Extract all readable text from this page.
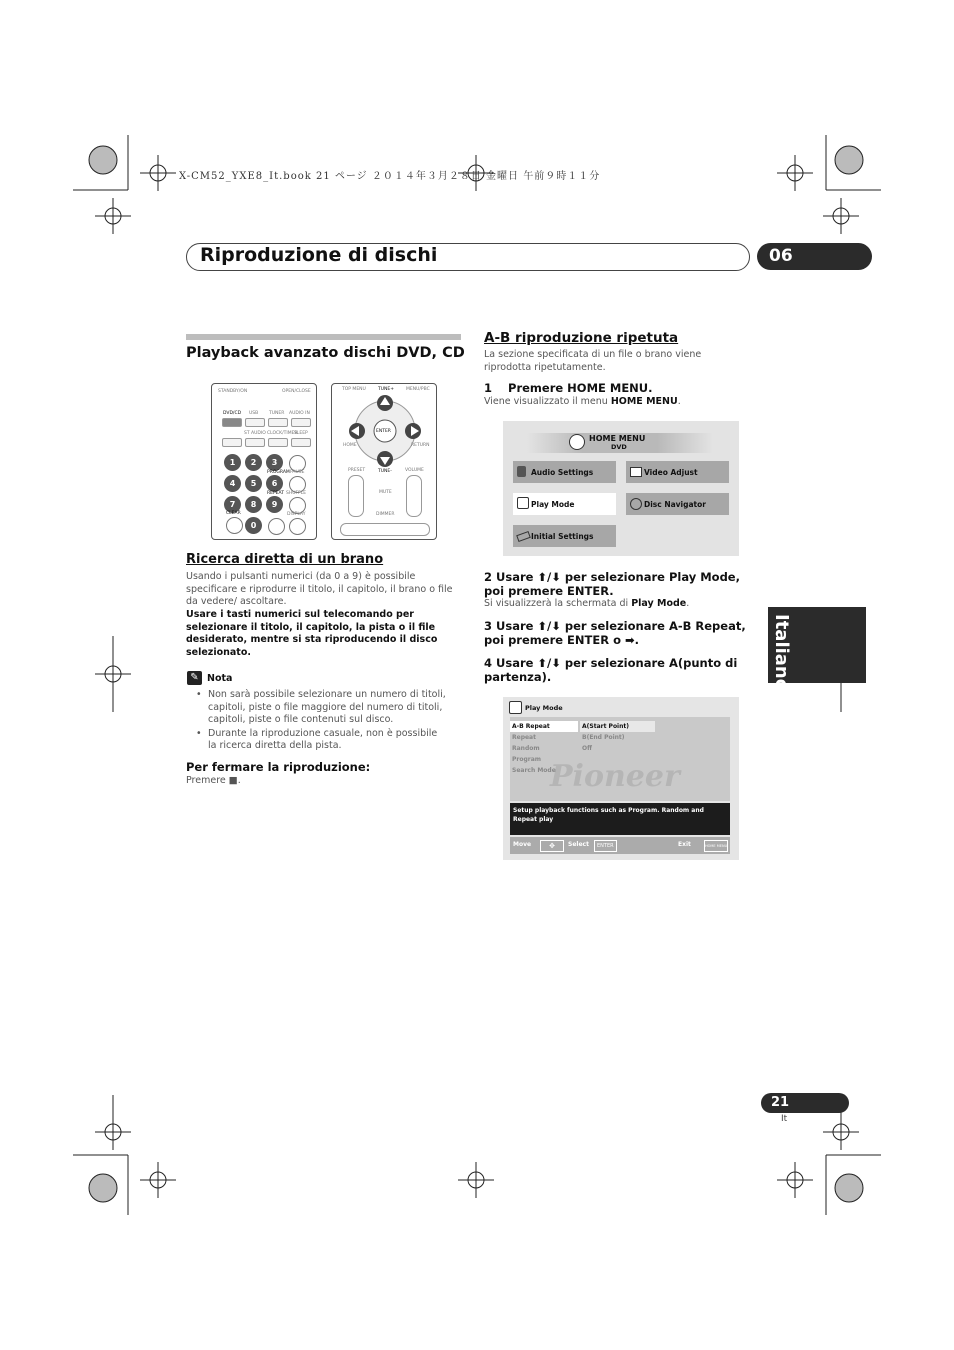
X-CM52_YXE8_It.book 21 ページ ２０１４年３月２８日 金曜日 午前９時１１分
Riproduzione di dischi	06
Italiano
Playback avanzato dischi DVD, CD
STANDBY/ON	OPEN/CLOSE
DVD/CD USB TUNER AUDIO IN
ST AUDIO CLOCK/TIMER
SLEEP
1	2	3
PROGRAM PAUSE
4	5	6
REPEAT SHUFFLE
7	8	9
CLEAR	DISPLAY
0
TOP MENU	TUNE+	MENU/PBC
ENTER
HOME	RETURN
TUNE-
PRESET	VOLUME
MUTE
DIMMER
Ricerca diretta di un brano
Usando i pulsanti numerici (da 0 a 9) è possibile specificare e riprodurre il titolo, il capitolo, il brano o file da vedere/ ascoltare.
Usare i tasti numerici sul telecomando per
selezionare il titolo, il capitolo, la pista o il file
desiderato, mentre si sta riproducendo il disco
selezionato.
✎ Nota
• Non sarà possibile selezionare un numero di titoli, capitoli, piste o file maggiore del numero di titoli, capitoli, piste o file contenuti sul disco.
• Durante la riproduzione casuale, non è possibile la ricerca diretta della pista.
Per fermare la riproduzione:
Premere ■.
A-B riproduzione ripetuta
La sezione specificata di un file o brano viene riprodotta ripetutamente.
1    Premere HOME MENU.
Viene visualizzato il menu HOME MENU.
HOME MENU
DVD
Audio Settings	Video Adjust
Play Mode	Disc Navigator
Initial Settings
2 Usare ⬆/⬇ per selezionare Play Mode, poi premere ENTER.
Si visualizzerà la schermata di Play Mode.
3 Usare ⬆/⬇ per selezionare A-B Repeat, poi premere ENTER o ➡.
4 Usare ⬆/⬇ per selezionare A(punto di partenza).
Play Mode
Pioneer
A-B Repeat
Repeat
Random
Program
Search Mode
A(Start Point)
B(End Point)
Off
Setup playback functions such as Program. Random and Repeat play
Move	✥	Select	ENTER	Exit	HOME MENU
21
It
